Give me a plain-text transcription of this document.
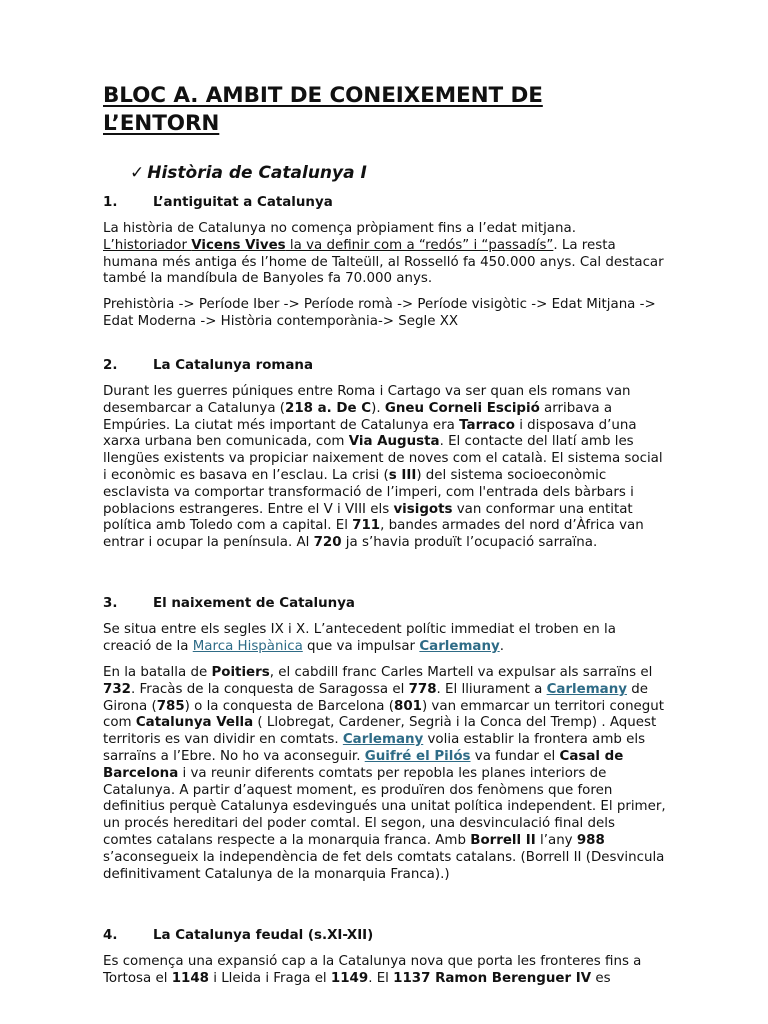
BLOC A. AMBIT DE CONEIXEMENT DE L’ENTORN
✓ Història de Catalunya I
1.	L’antiguitat a Catalunya

La història de Catalunya no comença pròpiament fins a l’edat mitjana.
L’historiador Vicens Vives la va definir com a “redós” i “passadís”. La resta humana més antiga és l’home de Talteüll, al Rosselló fa 450.000 anys. Cal destacar també la mandíbula de Banyoles fa 70.000 anys.

Prehistòria -> Període Iber -> Període romà -> Període visigòtic -> Edat Mitjana -> Edat Moderna -> Història contemporània-> Segle XX

2.	La Catalunya romana

Durant les guerres púniques entre Roma i Cartago va ser quan els romans van desembarcar a Catalunya (218 a. De C). Gneu Corneli Escipió arribava a Empúries. La ciutat més important de Catalunya era Tarraco i disposava d’una xarxa urbana ben comunicada, com Via Augusta. El contacte del llatí amb les llengües existents va propiciar naixement de noves com el català. El sistema social i econòmic es basava en l’esclau. La crisi (s III) del sistema socioeconòmic esclavista va comportar transformació de l’imperi, com l'entrada dels bàrbars i poblacions estrangeres. Entre el V i VIII els visigots van conformar una entitat política amb Toledo com a capital. El 711, bandes armades del nord d’Àfrica van entrar i ocupar la península. Al 720 ja s’havia produït l’ocupació sarraïna.

3.	El naixement de Catalunya

Se situa entre els segles IX i X. L’antecedent polític immediat el troben en la creació de la Marca Hispànica que va impulsar Carlemany.

En la batalla de Poitiers, el cabdill franc Carles Martell va expulsar als sarraïns el 732. Fracàs de la conquesta de Saragossa el 778. El lliurament a Carlemany de Girona (785) o la conquesta de Barcelona (801) van emmarcar un territori conegut com Catalunya Vella ( Llobregat, Cardener, Segrià i la Conca del Tremp) . Aquest territoris es van dividir en comtats. Carlemany volia establir la frontera amb els sarraïns a l’Ebre. No ho va aconseguir. Guifré el Pilós va fundar el Casal de Barcelona i va reunir diferents comtats per repobla les planes interiors de Catalunya. A partir d’aquest moment, es produïren dos fenòmens que foren definitius perquè Catalunya esdevingués una unitat política independent. El primer, un procés hereditari del poder comtal. El segon, una desvinculació final dels comtes catalans respecte a la monarquia franca. Amb Borrell II l’any 988 s’aconsegueix la independència de fet dels comtats catalans. (Borrell II (Desvincula definitivament Catalunya de la monarquia Franca).)

4.	La Catalunya feudal (s.XI-XII)

Es comença una expansió cap a la Catalunya nova que porta les fronteres fins a Tortosa el 1148 i Lleida i Fraga el 1149. El 1137 Ramon Berenguer IV es
